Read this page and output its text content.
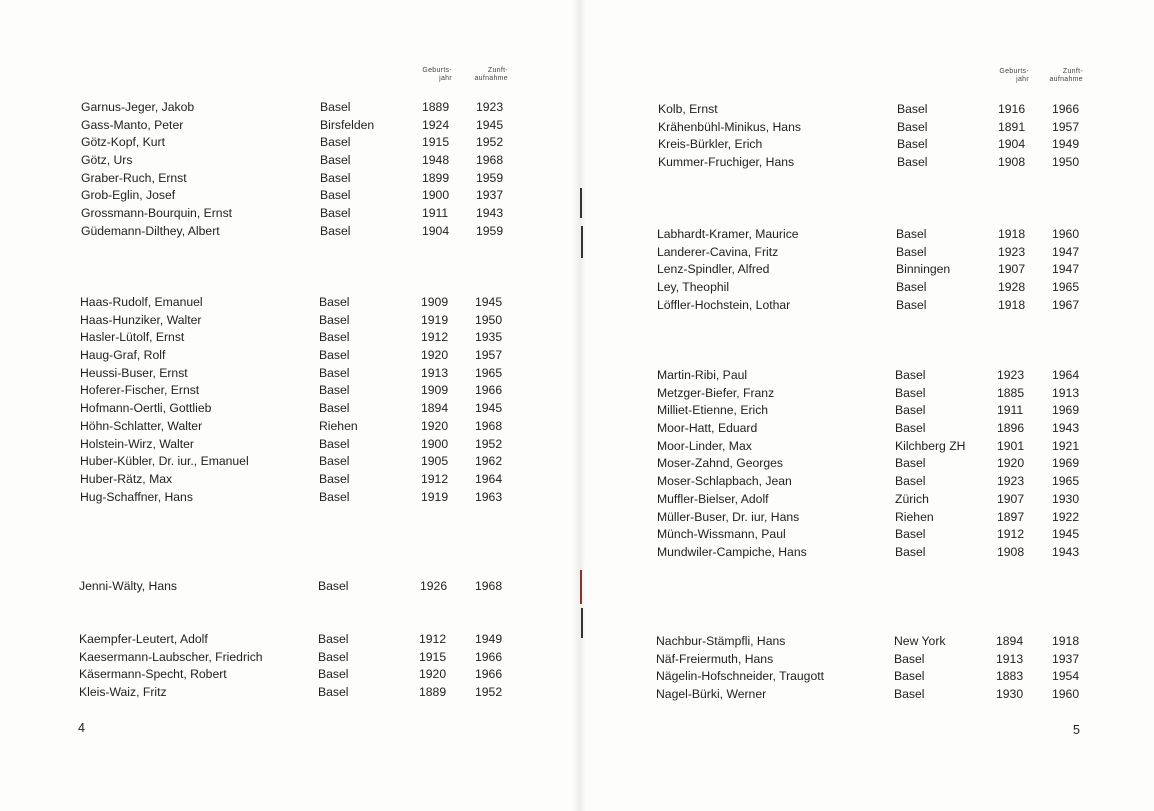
Geburts-
jahr
Zunft-
aufnahme
Garnus-Jeger, Jakob	Basel	1889 1923
Gass-Manto, Peter	Birsfelden	1924 1945
Götz-Kopf, Kurt	Basel	1915 1952
Götz, Urs	Basel	1948 1968
Graber-Ruch, Ernst	Basel	1899 1959
Grob-Eglin, Josef	Basel	1900 1937
Grossmann-Bourquin, Ernst	Basel	1911 1943
Güdemann-Dilthey, Albert	Basel	1904 1959
Haas-Rudolf, Emanuel	Basel	1909 1945
Haas-Hunziker, Walter	Basel	1919 1950
Hasler-Lütolf, Ernst	Basel	1912 1935
Haug-Graf, Rolf	Basel	1920 1957
Heussi-Buser, Ernst	Basel	1913 1965
Hoferer-Fischer, Ernst	Basel	1909 1966
Hofmann-Oertli, Gottlieb	Basel	1894 1945
Höhn-Schlatter, Walter	Riehen	1920 1968
Holstein-Wirz, Walter	Basel	1900 1952
Huber-Kübler, Dr. iur., Emanuel	Basel	1905 1962
Huber-Rätz, Max	Basel	1912 1964
Hug-Schaffner, Hans	Basel	1919 1963
Jenni-Wälty, Hans	Basel	1926 1968
Kaempfer-Leutert, Adolf	Basel	1912 1949
Kaesermann-Laubscher, Friedrich	Basel	1915 1966
Käsermann-Specht, Robert	Basel	1920 1966
Kleis-Waiz, Fritz	Basel	1889 1952
4
Geburts-
jahr
Zunft-
aufnahme
Kolb, Ernst	Basel	1916 1966
Krähenbühl-Minikus, Hans	Basel	1891 1957
Kreis-Bürkler, Erich	Basel	1904 1949
Kummer-Fruchiger, Hans	Basel	1908 1950
Labhardt-Kramer, Maurice	Basel	1918 1960
Landerer-Cavina, Fritz	Basel	1923 1947
Lenz-Spindler, Alfred	Binningen	1907 1947
Ley, Theophil	Basel	1928 1965
Löffler-Hochstein, Lothar	Basel	1918 1967
Martin-Ribi, Paul	Basel	1923 1964
Metzger-Biefer, Franz	Basel	1885 1913
Milliet-Etienne, Erich	Basel	1911 1969
Moor-Hatt, Eduard	Basel	1896 1943
Moor-Linder, Max	Kilchberg ZH	1901 1921
Moser-Zahnd, Georges	Basel	1920 1969
Moser-Schlapbach, Jean	Basel	1923 1965
Muffler-Bielser, Adolf	Zürich	1907 1930
Müller-Buser, Dr. iur, Hans	Riehen	1897 1922
Münch-Wissmann, Paul	Basel	1912 1945
Mundwiler-Campiche, Hans	Basel	1908 1943
Nachbur-Stämpfli, Hans	New York	1894 1918
Näf-Freiermuth, Hans	Basel	1913 1937
Nägelin-Hofschneider, Traugott	Basel	1883 1954
Nagel-Bürki, Werner	Basel	1930 1960
5
